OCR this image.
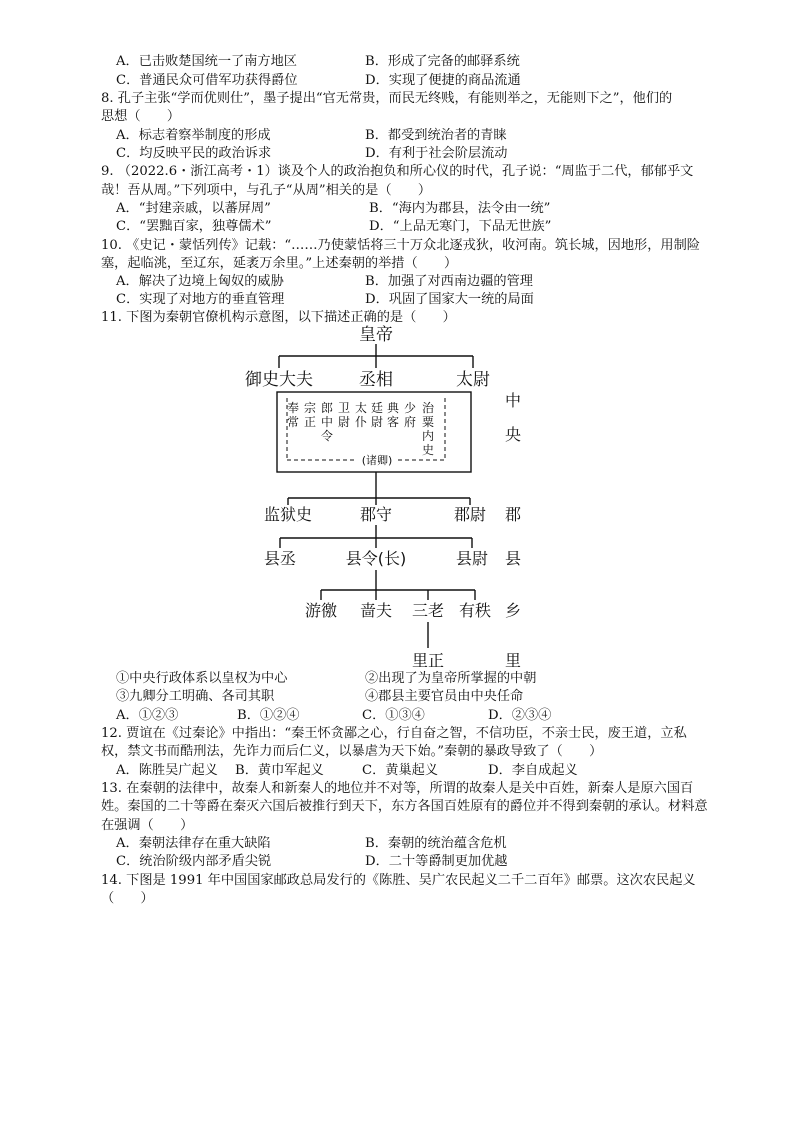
A．已击败楚国统一了南方地区	B．形成了完备的邮驿系统
C．普通民众可借军功获得爵位	D．实现了便捷的商品流通
8. 孔子主张“学而优则仕”，墨子提出“官无常贵，而民无终贱，有能则举之，无能则下之”，他们的
思想（　　）
A．标志着察举制度的形成	B．都受到统治者的青睐
C．均反映平民的政治诉求	D．有利于社会阶层流动
9. （2022.6・浙江高考・1）谈及个人的政治抱负和所心仪的时代，孔子说：“周监于二代，郁郁乎文
哉！吾从周。”下列项中，与孔子“从周”相关的是（　　）
A．“封建亲戚，以蕃屏周”	B．“海内为郡县，法令由一统”
C．“罢黜百家，独尊儒术”	D．“上品无寒门，下品无世族”
10. 《史记・蒙恬列传》记载：“……乃使蒙恬将三十万众北逐戎狄，收河南。筑长城，因地形，用制险
塞，起临洮，至辽东，延袤万余里。”上述秦朝的举措（　　）
A．解决了边境上匈奴的威胁	B．加强了对西南边疆的管理
C．实现了对地方的垂直管理	D．巩固了国家大一统的局面
11. 下图为秦朝官僚机构示意图，以下描述正确的是（　　）
皇帝
御史大夫	丞相	太尉
奉常
宗正
郎中令
卫尉
太仆
廷尉
典客
少府
治粟内史
(诸卿)
监狱史	郡守	郡尉
县丞	县令(长)	县尉
游徼 啬夫 三老 有秩
里正
中央
郡
县
乡
里
①中央行政体系以皇权为中心	②出现了为皇帝所掌握的中朝
③九卿分工明确、各司其职	④郡县主要官员由中央任命
A．①②③	B．①②④	C．①③④	D．②③④
12. 贾谊在《过秦论》中指出：“秦王怀贪鄙之心，行自奋之智，不信功臣，不亲士民，废王道，立私
权，禁文书而酷刑法，先诈力而后仁义，以暴虐为天下始。”秦朝的暴政导致了（　　）
A．陈胜吴广起义 B．黄巾军起义	C．黄巢起义	D．李自成起义
13. 在秦朝的法律中，故秦人和新秦人的地位并不对等，所谓的故秦人是关中百姓，新秦人是原六国百
姓。秦国的二十等爵在秦灭六国后被推行到天下，东方各国百姓原有的爵位并不得到秦朝的承认。材料意
在强调（　　）
A．秦朝法律存在重大缺陷	B．秦朝的统治蕴含危机
C．统治阶级内部矛盾尖锐	D．二十等爵制更加优越
14. 下图是 1991 年中国国家邮政总局发行的《陈胜、吴广农民起义二千二百年》邮票。这次农民起义
（　　）
